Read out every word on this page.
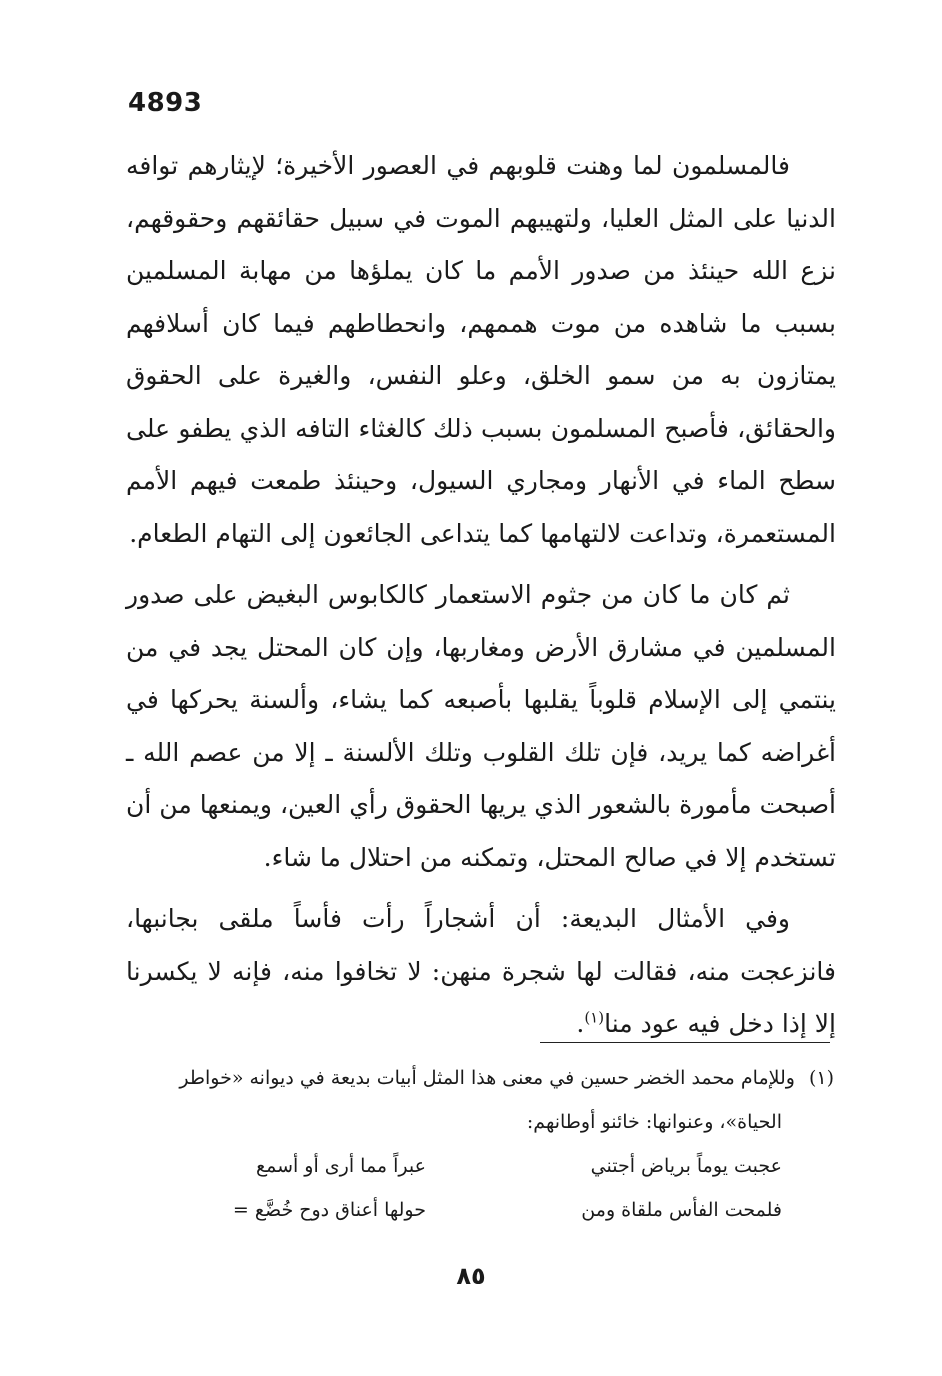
4893

فالمسلمون لما وهنت قلوبهم في العصور الأخيرة؛ لإيثارهم توافه الدنيا على المثل العليا، ولتهيبهم الموت في سبيل حقائقهم وحقوقهم، نزع الله حينئذ من صدور الأمم ما كان يملؤها من مهابة المسلمين بسبب ما شاهده من موت هممهم، وانحطاطهم فيما كان أسلافهم يمتازون به من سمو الخلق، وعلو النفس، والغيرة على الحقوق والحقائق، فأصبح المسلمون بسبب ذلك كالغثاء التافه الذي يطفو على سطح الماء في الأنهار ومجاري السيول، وحينئذ طمعت فيهم الأمم المستعمرة، وتداعت لالتهامها كما يتداعى الجائعون إلى التهام الطعام.

ثم كان ما كان من جثوم الاستعمار كالكابوس البغيض على صدور المسلمين في مشارق الأرض ومغاربها، وإن كان المحتل يجد في من ينتمي إلى الإسلام قلوباً يقلبها بأصبعه كما يشاء، وألسنة يحركها في أغراضه كما يريد، فإن تلك القلوب وتلك الألسنة ـ إلا من عصم الله ـ أصبحت مأمورة بالشعور الذي يريها الحقوق رأي العين، ويمنعها من أن تستخدم إلا في صالح المحتل، وتمكنه من احتلال ما شاء.

وفي الأمثال البديعة: أن أشجاراً رأت فأساً ملقى بجانبها، فانزعجت منه، فقالت لها شجرة منهن: لا تخافوا منه، فإنه لا يكسرنا إلا إذا دخل فيه عود منا$^{(١)}$.

(١)وللإمام محمد الخضر حسين في معنى هذا المثل أبيات بديعة في ديوانه «خواطر
الحياة»، وعنوانها: خائنو أوطانهم:
عجبت يوماً برياض أجتني
عبراً مما أرى أو أسمع
فلمحت الفأس ملقاة ومن
حولها أعناق دوح خُضَّع =
٨٥
